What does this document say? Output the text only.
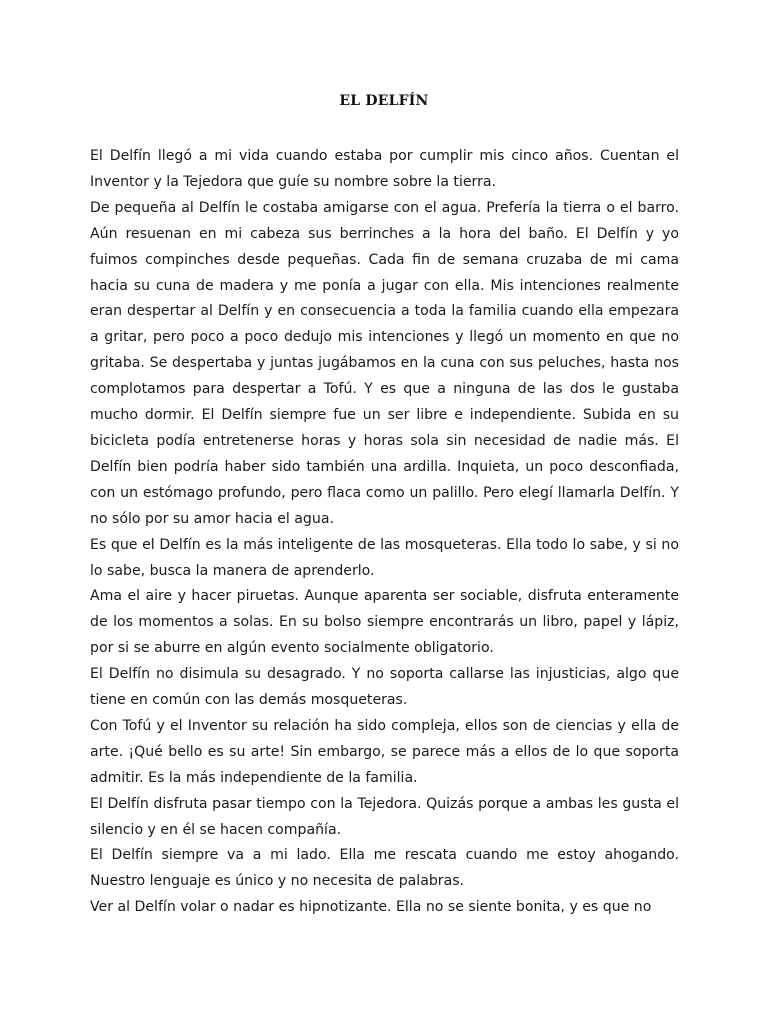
EL DELFÍN

El Delfín llegó a mi vida cuando estaba por cumplir mis cinco años. Cuentan el Inventor y la Tejedora que guíe su nombre sobre la tierra.

De pequeña al Delfín le costaba amigarse con el agua. Prefería la tierra o el barro. Aún resuenan en mi cabeza sus berrinches a la hora del baño. El Delfín y yo fuimos compinches desde pequeñas. Cada fin de semana cruzaba de mi cama hacia su cuna de madera y me ponía a jugar con ella. Mis intenciones realmente eran despertar al Delfín y en consecuencia a toda la familia cuando ella empezara a gritar, pero poco a poco dedujo mis intenciones y llegó un momento en que no gritaba. Se despertaba y juntas jugábamos en la cuna con sus peluches, hasta nos complotamos para despertar a Tofú. Y es que a ninguna de las dos le gustaba mucho dormir. El Delfín siempre fue un ser libre e independiente. Subida en su bicicleta podía entretenerse horas y horas sola sin necesidad de nadie más. El Delfín bien podría haber sido también una ardilla. Inquieta, un poco desconfiada, con un estómago profundo, pero flaca como un palillo. Pero elegí llamarla Delfín. Y no sólo por su amor hacia el agua.

Es que el Delfín es la más inteligente de las mosqueteras. Ella todo lo sabe, y si no lo sabe, busca la manera de aprenderlo.

Ama el aire y hacer piruetas. Aunque aparenta ser sociable, disfruta enteramente de los momentos a solas. En su bolso siempre encontrarás un libro, papel y lápiz, por si se aburre en algún evento socialmente obligatorio.

El Delfín no disimula su desagrado. Y no soporta callarse las injusticias, algo que tiene en común con las demás mosqueteras.

Con Tofú y el Inventor su relación ha sido compleja, ellos son de ciencias y ella de arte. ¡Qué bello es su arte! Sin embargo, se parece más a ellos de lo que soporta admitir. Es la más independiente de la familia.

El Delfín disfruta pasar tiempo con la Tejedora. Quizás porque a ambas les gusta el silencio y en él se hacen compañía.

El Delfín siempre va a mi lado. Ella me rescata cuando me estoy ahogando. Nuestro lenguaje es único y no necesita de palabras.

Ver al Delfín volar o nadar es hipnotizante. Ella no se siente bonita, y es que no
